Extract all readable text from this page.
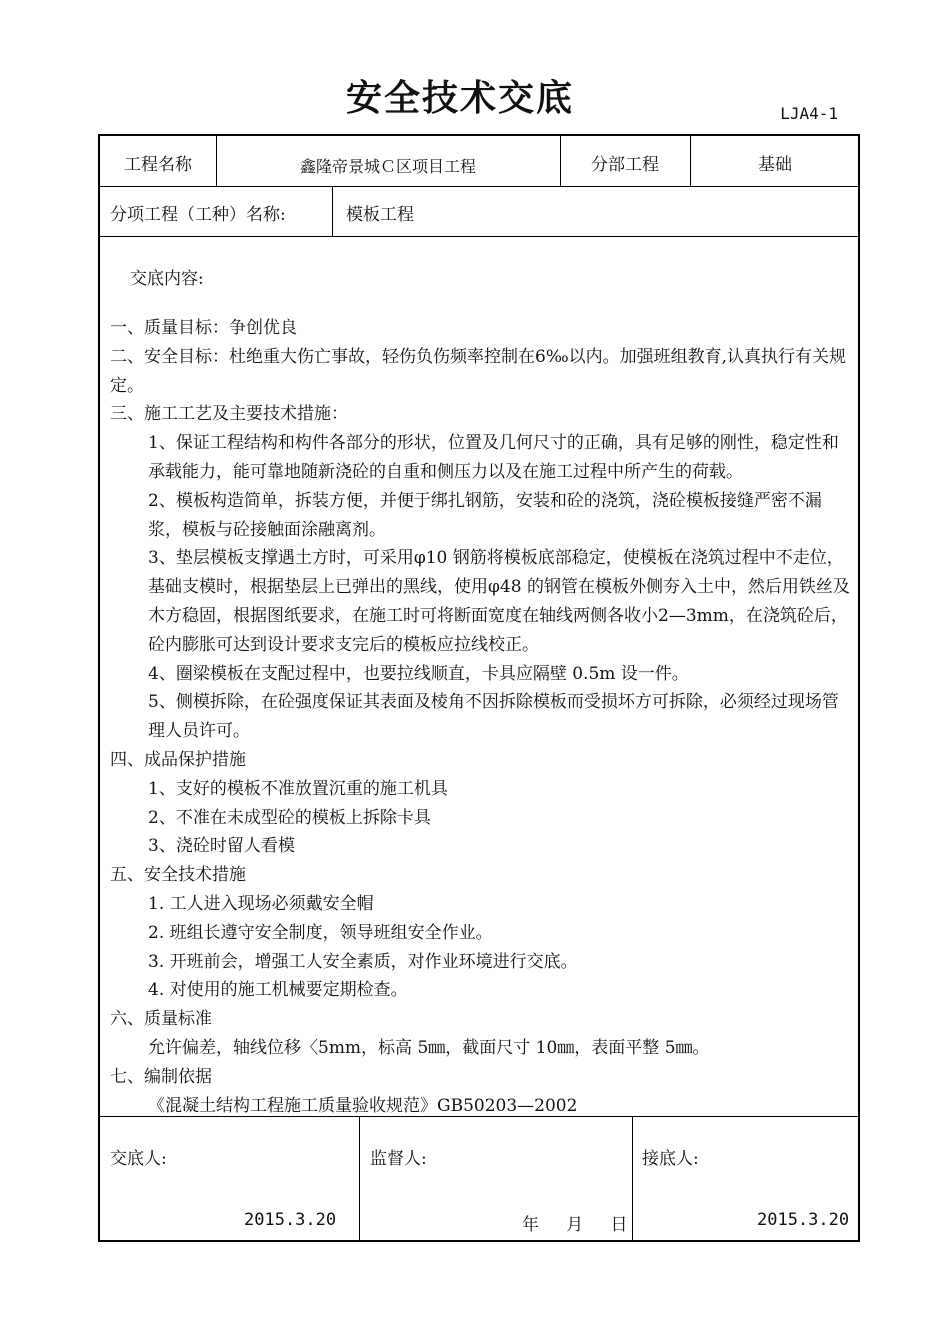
安全技术交底	LJA4-1
工程名称	鑫隆帝景城Ｃ区项目工程	分部工程	基础
分项工程（工种）名称:	模板工程
交底内容:

一、质量目标：争创优良

二、安全目标：杜绝重大伤亡事故，轻伤负伤频率控制在6‰以内。加强班组教育,认真执行有关规定。

三、施工工艺及主要技术措施：

1、保证工程结构和构件各部分的形状，位置及几何尺寸的正确，具有足够的刚性，稳定性和承载能力，能可靠地随新浇砼的自重和侧压力以及在施工过程中所产生的荷载。

2、模板构造简单，拆装方便，并便于绑扎钢筋，安装和砼的浇筑，浇砼模板接缝严密不漏浆，模板与砼接触面涂融离剂。

3、垫层模板支撑遇土方时，可采用φ10 钢筋将模板底部稳定，使模板在浇筑过程中不走位，基础支模时，根据垫层上已弹出的黑线，使用φ48 的钢管在模板外侧夯入土中，然后用铁丝及木方稳固，根据图纸要求，在施工时可将断面宽度在轴线两侧各收小2—3mm，在浇筑砼后，砼内膨胀可达到设计要求支完后的模板应拉线校正。

4、圈梁模板在支配过程中，也要拉线顺直，卡具应隔壁 0.5m 设一件。

5、侧模拆除，在砼强度保证其表面及棱角不因拆除模板而受损坏方可拆除，必须经过现场管理人员许可。

四、成品保护措施

1、支好的模板不准放置沉重的施工机具

2、不准在未成型砼的模板上拆除卡具

3、浇砼时留人看模

五、安全技术措施

1. 工人进入现场必须戴安全帽

2. 班组长遵守安全制度，领导班组安全作业。

3. 开班前会，增强工人安全素质，对作业环境进行交底。

4. 对使用的施工机械要定期检查。

六、质量标准

允许偏差，轴线位移〈5mm，标高 5㎜，截面尺寸 10㎜，表面平整 5㎜。

七、编制依据

《混凝土结构工程施工质量验收规范》GB50203—2002

交底人:	监督人:	接底人:
2015.3.20	年　 月　 日	2015.3.20
